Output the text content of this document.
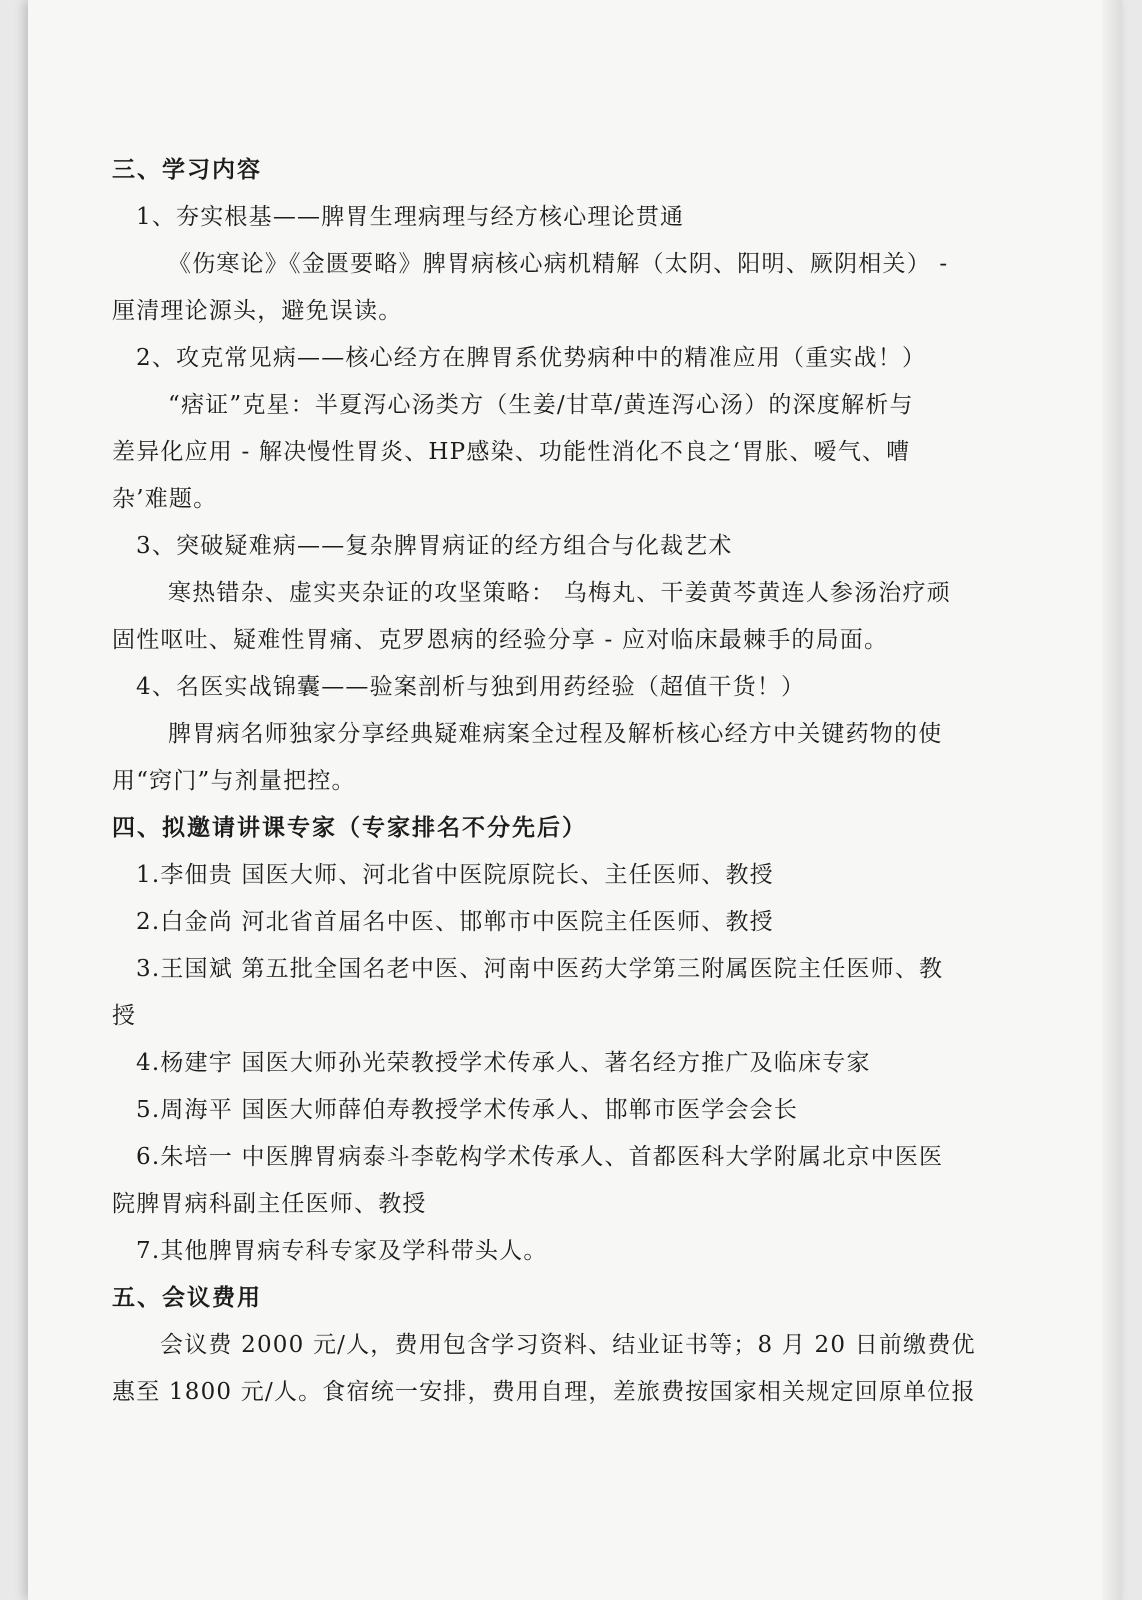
三、学习内容
1、夯实根基——脾胃生理病理与经方核心理论贯通
《伤寒论》《金匮要略》脾胃病核心病机精解（太阴、阳明、厥阴相关） -
厘清理论源头，避免误读。
2、攻克常见病——核心经方在脾胃系优势病种中的精准应用（重实战！）
“痞证”克星：半夏泻心汤类方（生姜/甘草/黄连泻心汤）的深度解析与
差异化应用 - 解决慢性胃炎、HP感染、功能性消化不良之‘胃胀、嗳气、嘈
杂’难题。
3、突破疑难病——复杂脾胃病证的经方组合与化裁艺术
寒热错杂、虚实夹杂证的攻坚策略： 乌梅丸、干姜黄芩黄连人参汤治疗顽
固性呕吐、疑难性胃痛、克罗恩病的经验分享 - 应对临床最棘手的局面。
4、名医实战锦囊——验案剖析与独到用药经验（超值干货！）
脾胃病名师独家分享经典疑难病案全过程及解析核心经方中关键药物的使
用“窍门”与剂量把控。
四、拟邀请讲课专家（专家排名不分先后）
1.李佃贵 国医大师、河北省中医院原院长、主任医师、教授
2.白金尚 河北省首届名中医、邯郸市中医院主任医师、教授
3.王国斌 第五批全国名老中医、河南中医药大学第三附属医院主任医师、教
授
4.杨建宇 国医大师孙光荣教授学术传承人、著名经方推广及临床专家
5.周海平 国医大师薛伯寿教授学术传承人、邯郸市医学会会长
6.朱培一 中医脾胃病泰斗李乾构学术传承人、首都医科大学附属北京中医医
院脾胃病科副主任医师、教授
7.其他脾胃病专科专家及学科带头人。
五、会议费用
会议费 2000 元/人，费用包含学习资料、结业证书等；8 月 20 日前缴费优
惠至 1800 元/人。食宿统一安排，费用自理，差旅费按国家相关规定回原单位报
